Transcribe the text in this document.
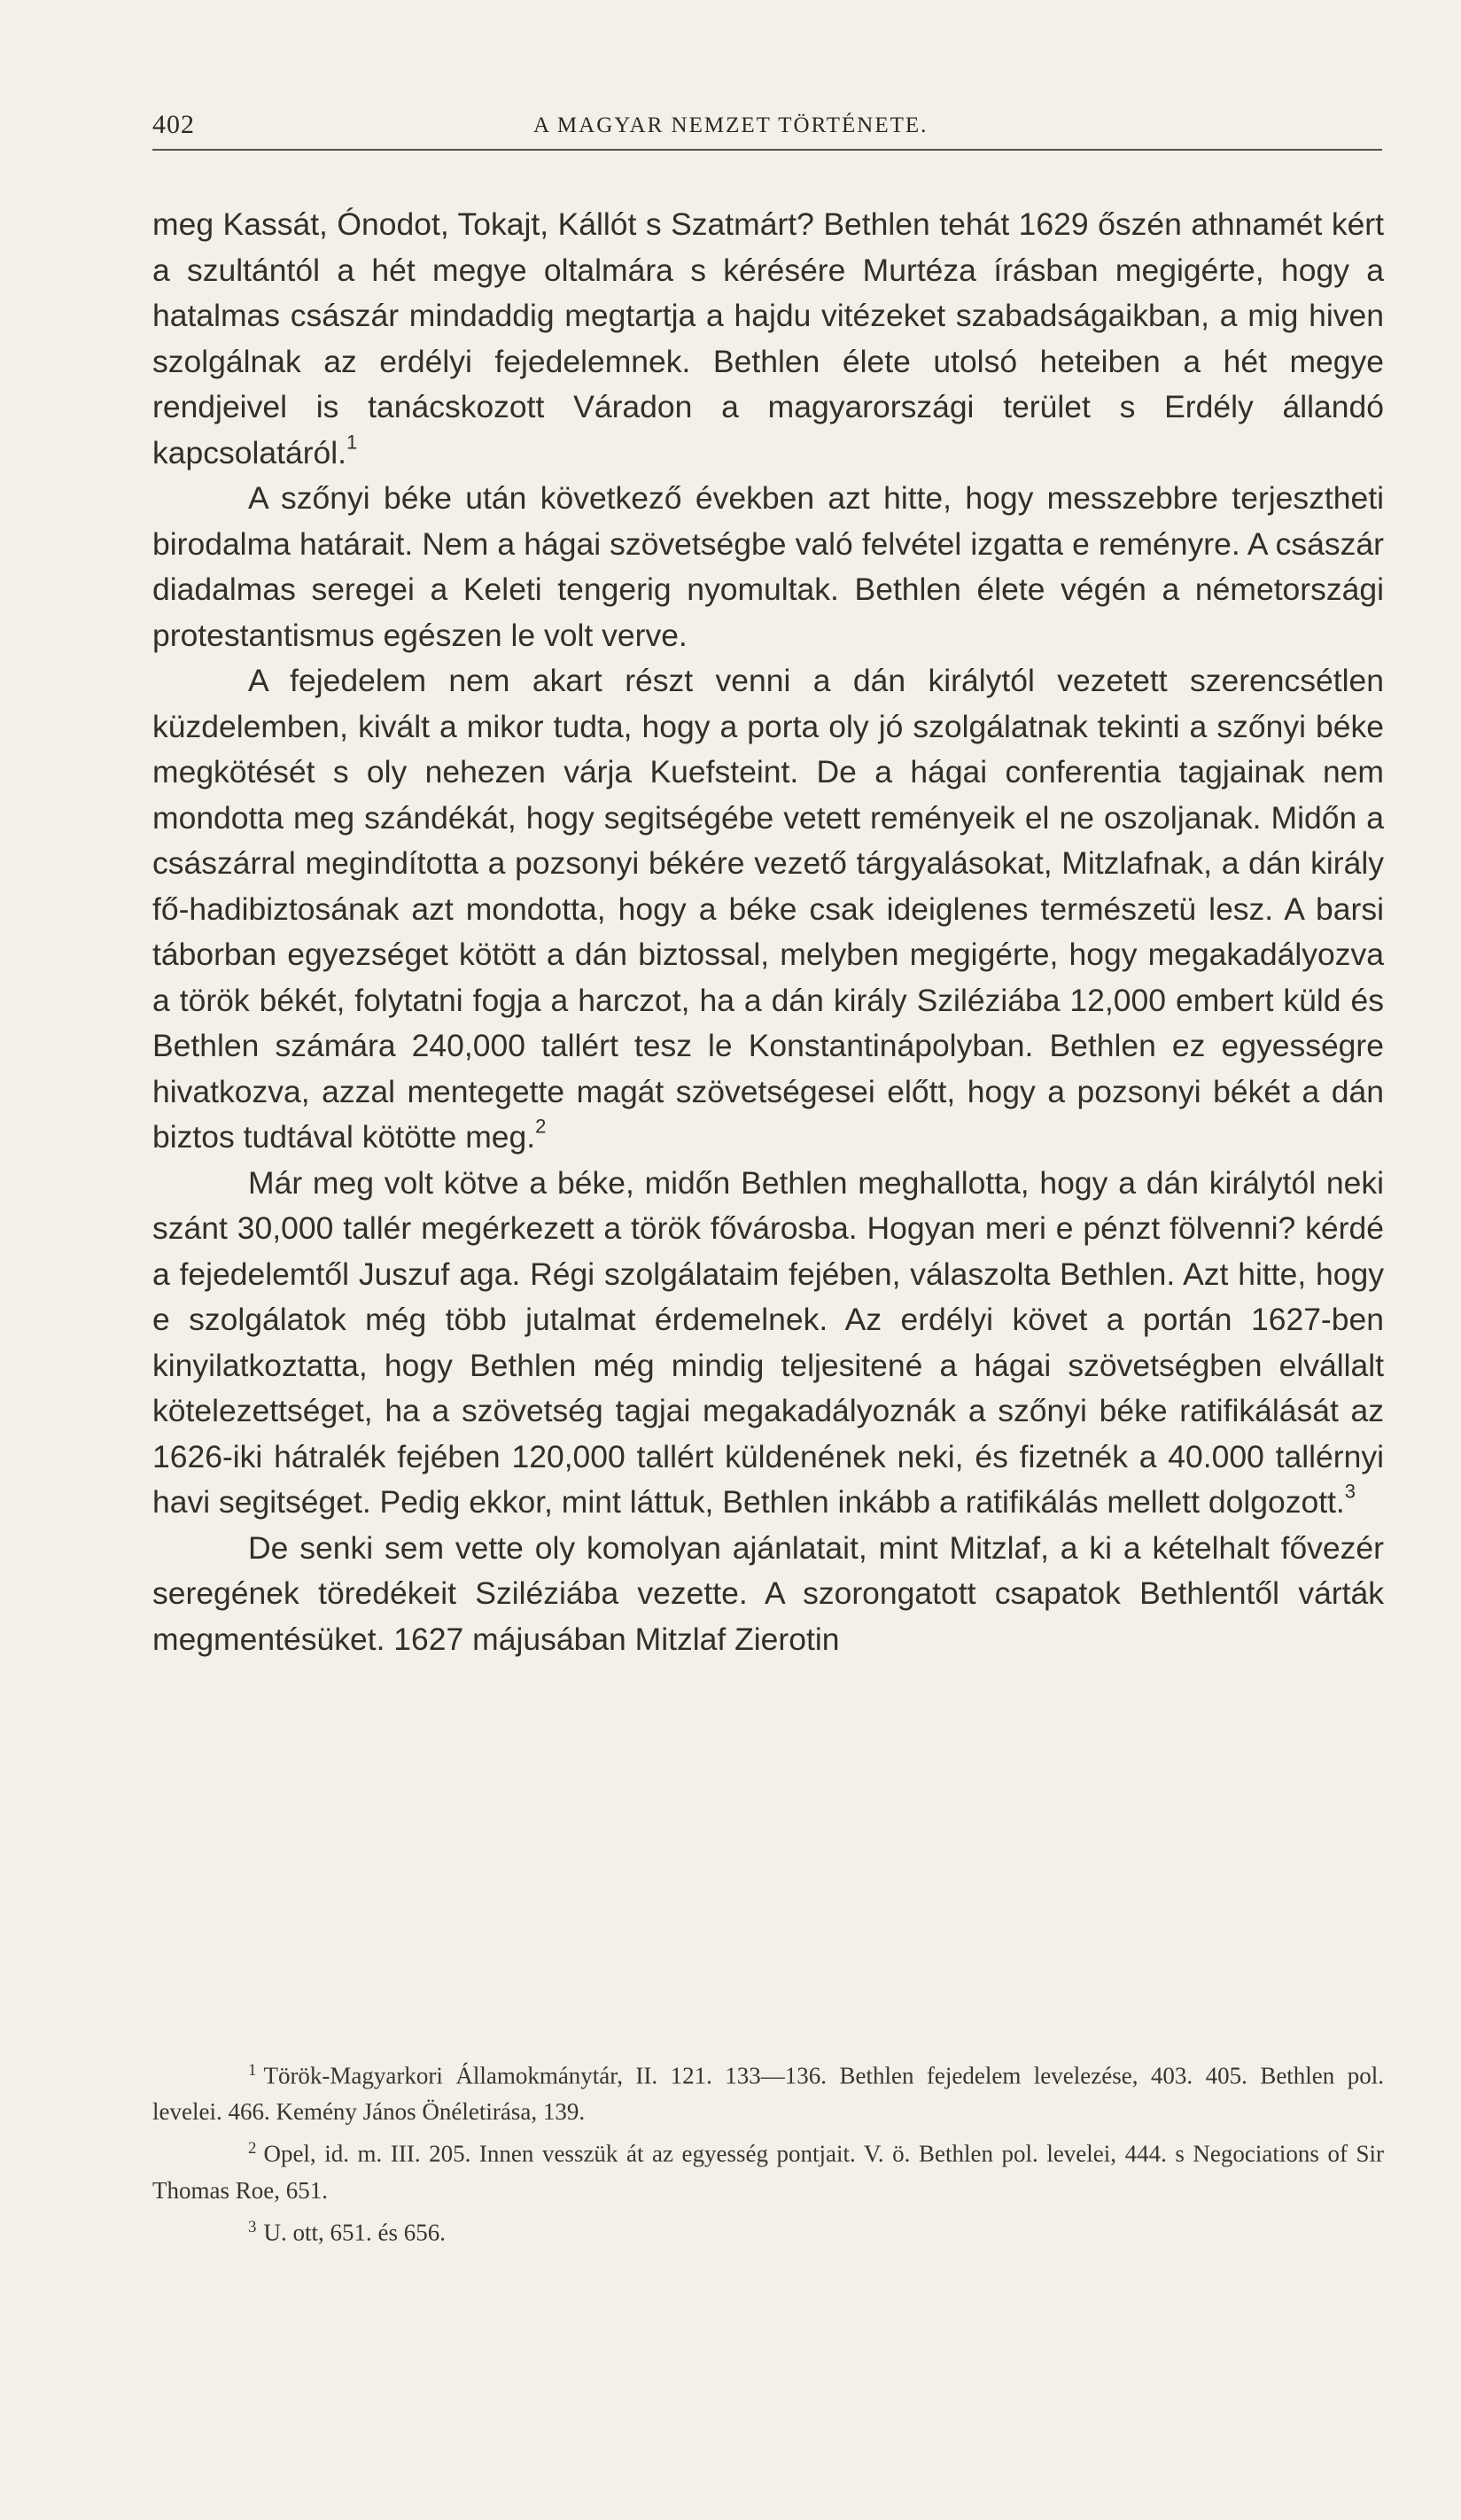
402	A MAGYAR NEMZET TÖRTÉNETE.

meg Kassát, Ónodot, Tokajt, Kállót s Szatmárt? Bethlen tehát 1629 őszén athnamét kért a szultántól a hét megye oltalmára s kérésére Murtéza írásban megigérte, hogy a hatalmas császár mindaddig megtartja a hajdu vitézeket szabadságaikban, a mig hiven szolgálnak az erdélyi fejedelemnek. Bethlen élete utolsó heteiben a hét megye rendjeivel is tanácskozott Váradon a magyarországi terület s Erdély állandó kapcsolatáról.$^1$

A szőnyi béke után következő években azt hitte, hogy messzebbre terjesztheti birodalma határait. Nem a hágai szövetségbe való felvétel izgatta e reményre. A császár diadalmas seregei a Keleti tengerig nyomultak. Bethlen élete végén a németországi protestantismus egészen le volt verve.

A fejedelem nem akart részt venni a dán királytól vezetett szerencsétlen küzdelemben, kivált a mikor tudta, hogy a porta oly jó szolgálatnak tekinti a szőnyi béke megkötését s oly nehezen várja Kuefsteint. De a hágai conferentia tagjainak nem mondotta meg szándékát, hogy segitségébe vetett reményeik el ne oszoljanak. Midőn a császárral megindította a pozsonyi békére vezető tárgyalásokat, Mitzlafnak, a dán király fő-hadibiztosának azt mondotta, hogy a béke csak ideiglenes természetü lesz. A barsi táborban egyezséget kötött a dán biztossal, melyben megigérte, hogy megakadályozva a török békét, folytatni fogja a harczot, ha a dán király Sziléziába 12,000 embert küld és Bethlen számára 240,000 tallért tesz le Konstantinápolyban. Bethlen ez egyességre hivatkozva, azzal mentegette magát szövetségesei előtt, hogy a pozsonyi békét a dán biztos tudtával kötötte meg.$^2$

Már meg volt kötve a béke, midőn Bethlen meghallotta, hogy a dán királytól neki szánt 30,000 tallér megérkezett a török fővárosba. Hogyan meri e pénzt fölvenni? kérdé a fejedelemtől Juszuf aga. Régi szolgálataim fejében, válaszolta Bethlen. Azt hitte, hogy e szolgálatok még több jutalmat érdemelnek. Az erdélyi követ a portán 1627-ben kinyilatkoztatta, hogy Bethlen még mindig teljesitené a hágai szövetségben elvállalt kötelezettséget, ha a szövetség tagjai megakadályoznák a szőnyi béke ratifikálását az 1626-iki hátralék fejében 120,000 tallért küldenének neki, és fizetnék a 40.000 tallérnyi havi segitséget. Pedig ekkor, mint láttuk, Bethlen inkább a ratifikálás mellett dolgozott.$^3$

De senki sem vette oly komolyan ajánlatait, mint Mitzlaf, a ki a kételhalt fővezér seregének töredékeit Sziléziába vezette. A szorongatott csapatok Bethlentől várták megmentésüket. 1627 májusában Mitzlaf Zierotin

$^1$ Török-Magyarkori Államokmánytár, II. 121. 133—136. Bethlen fejedelem levelezése, 403. 405. Bethlen pol. levelei. 466. Kemény János Önéletirása, 139.

$^2$ Opel, id. m. III. 205. Innen vesszük át az egyesség pontjait. V. ö. Bethlen pol. levelei, 444. s Negociations of Sir Thomas Roe, 651.

$^3$ U. ott, 651. és 656.
